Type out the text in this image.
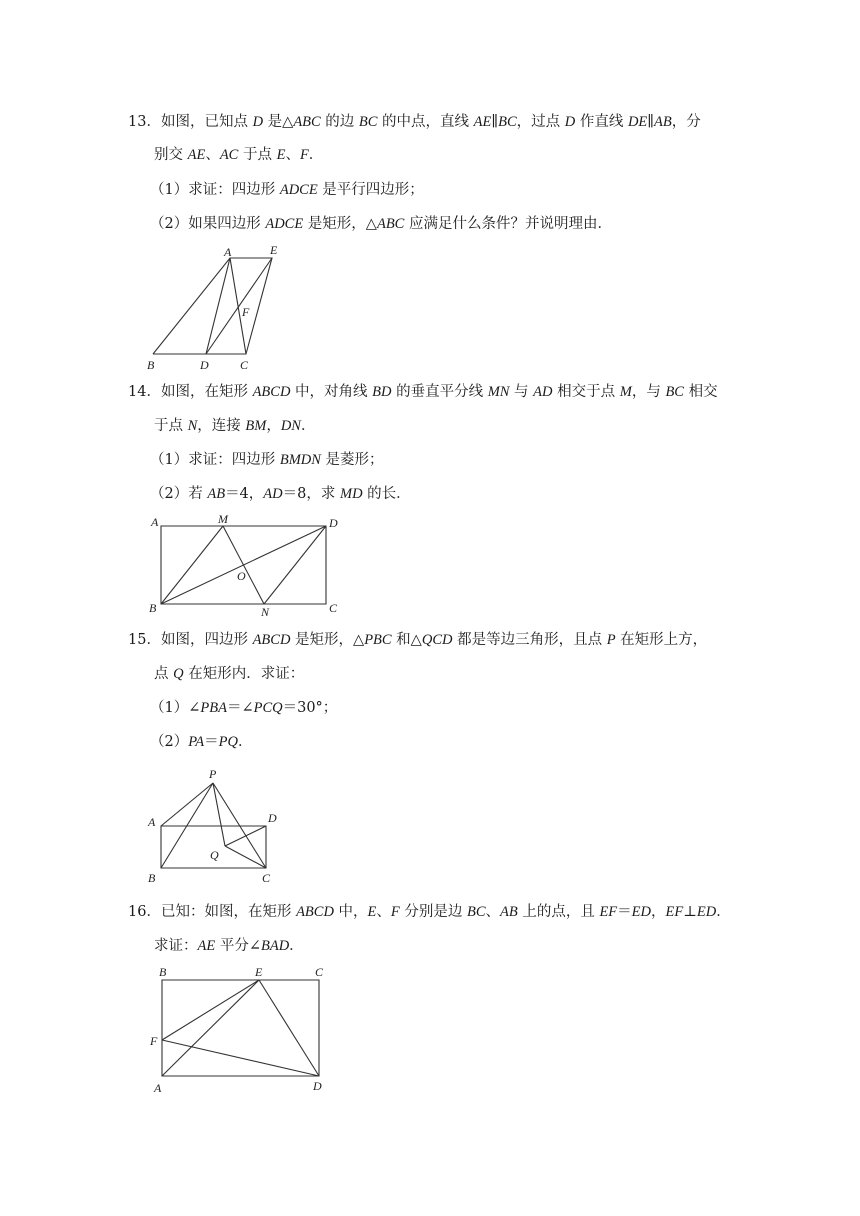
13．如图，已知点 D 是△ABC 的边 BC 的中点，直线 AE∥BC，过点 D 作直线 DE∥AB，分
别交 AE、AC 于点 E、F．
（1）求证：四边形 ADCE 是平行四边形；
（2）如果四边形 ADCE 是矩形，△ABC 应满足什么条件？并说明理由．
A	E
F
B	D	C
14．如图，在矩形 ABCD 中，对角线 BD 的垂直平分线 MN 与 AD 相交于点 M，与 BC 相交
于点 N，连接 BM，DN．
（1）求证：四边形 BMDN 是菱形；
（2）若 AB＝4，AD＝8，求 MD 的长．
A	M	D
O
B	N	C
15．如图，四边形 ABCD 是矩形，△PBC 和△QCD 都是等边三角形，且点 P 在矩形上方，
点 Q 在矩形内．求证：
（1）∠PBA＝∠PCQ＝30°；
（2）PA＝PQ．
P
A	D
Q
B	C
16．已知：如图，在矩形 ABCD 中，E、F 分别是边 BC、AB 上的点，且 EF＝ED，EF⊥ED．
求证：AE 平分∠BAD．
B	E	C
F
A	D
